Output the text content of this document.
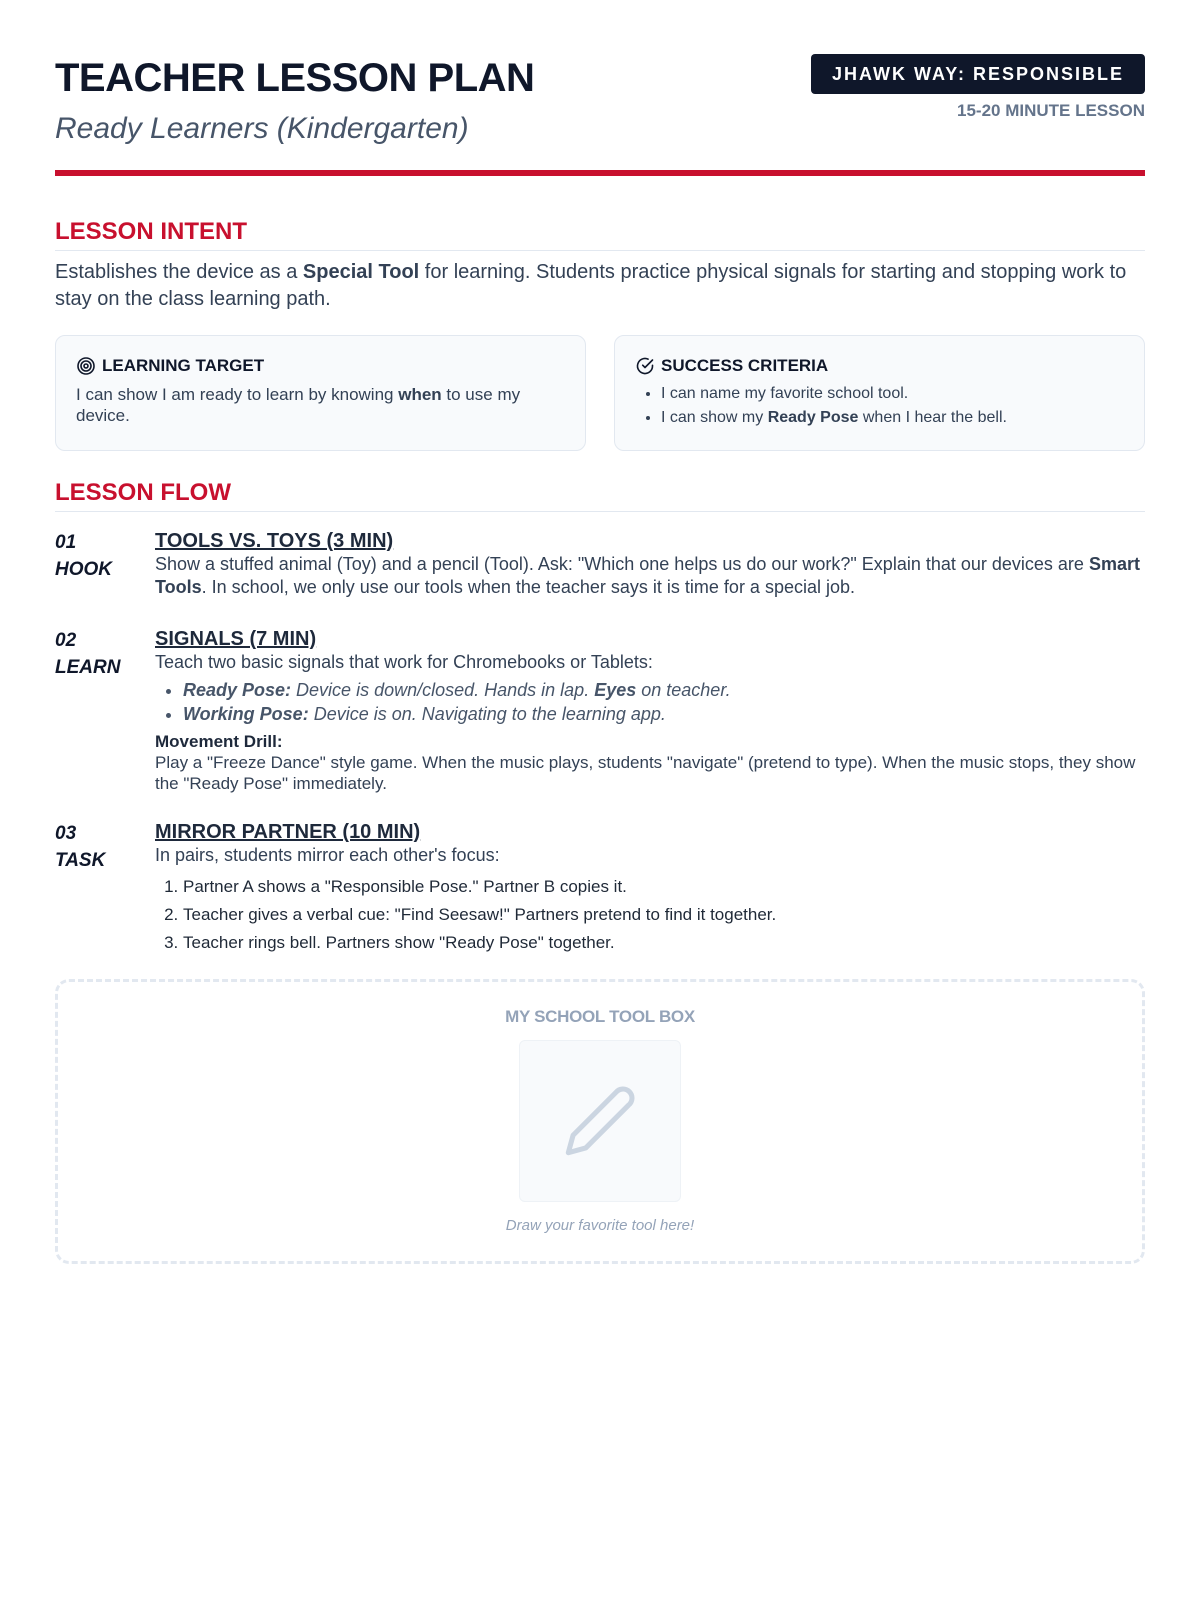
TEACHER LESSON PLAN
Ready Learners (Kindergarten)
JHAWK WAY: RESPONSIBLE
15-20 MINUTE LESSON
LESSON INTENT

Establishes the device as a Special Tool for learning. Students practice physical signals for starting and stopping work to stay on the class learning path.

LEARNING TARGET
I can show I am ready to learn by knowing when to use my device.
SUCCESS CRITERIA
• I can name my favorite school tool.
• I can show my Ready Pose when I hear the bell.
LESSON FLOW
01
HOOK
TOOLS VS. TOYS (3 MIN)
Show a stuffed animal (Toy) and a pencil (Tool). Ask: "Which one helps us do our work?" Explain that our devices are Smart Tools. In school, we only use our tools when the teacher says it is time for a special job.
02
LEARN
SIGNALS (7 MIN)
Teach two basic signals that work for Chromebooks or Tablets:
• Ready Pose: Device is down/closed. Hands in lap. Eyes on teacher.
• Working Pose: Device is on. Navigating to the learning app.
Movement Drill:
Play a "Freeze Dance" style game. When the music plays, students "navigate" (pretend to type). When the music stops, they show the "Ready Pose" immediately.
03
TASK
MIRROR PARTNER (10 MIN)
In pairs, students mirror each other's focus:
1. Partner A shows a "Responsible Pose." Partner B copies it.
2. Teacher gives a verbal cue: "Find Seesaw!" Partners pretend to find it together.
3. Teacher rings bell. Partners show "Ready Pose" together.
MY SCHOOL TOOL BOX
Draw your favorite tool here!
